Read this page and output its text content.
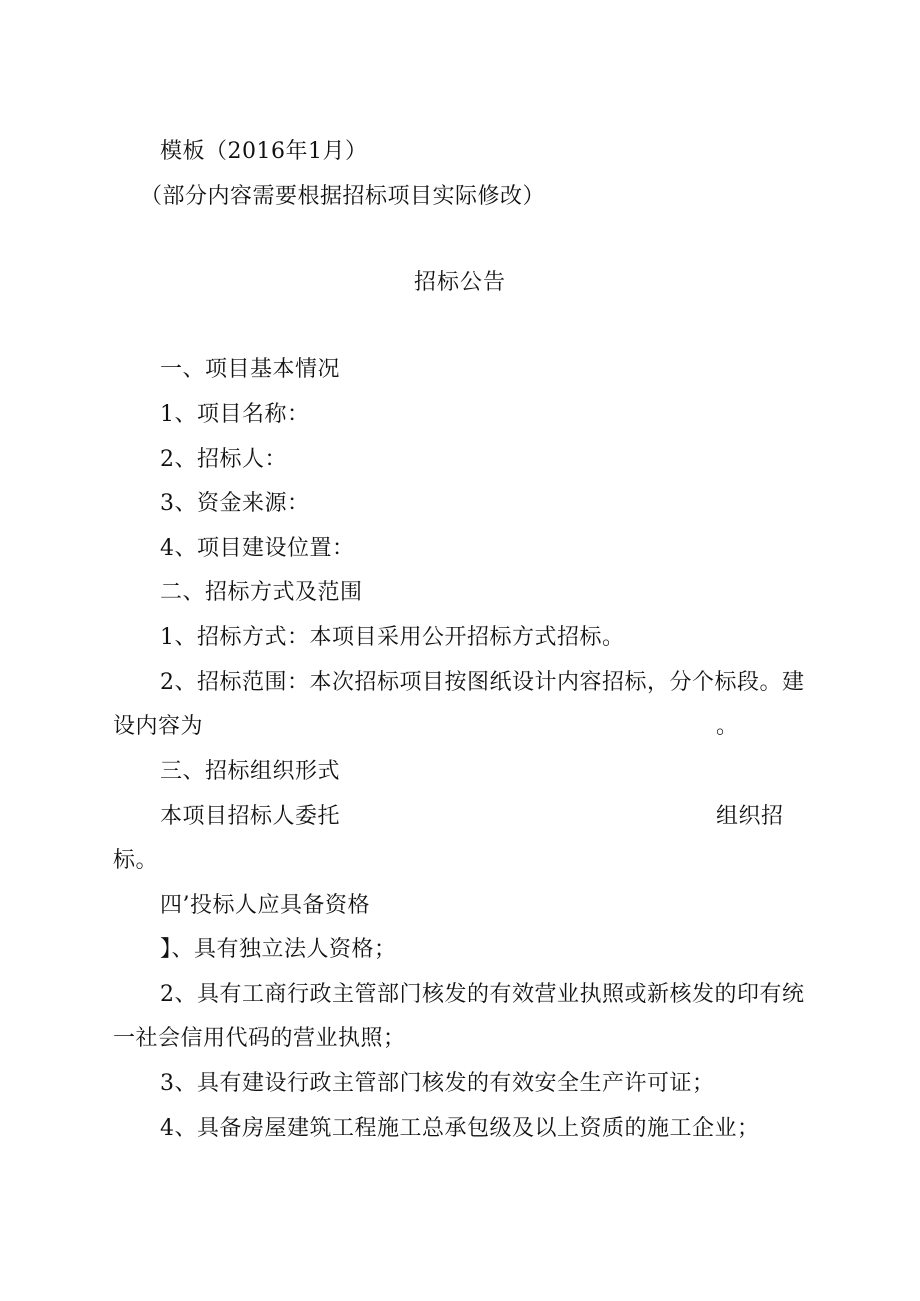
模板（2016年1月）
（部分内容需要根据招标项目实际修改）
招标公告
一、项目基本情况
1、项目名称：
2、招标人：
3、资金来源：
4、项目建设位置：
二、招标方式及范围
1、招标方式：本项目采用公开招标方式招标。
2、招标范围：本次招标项目按图纸设计内容招标，分个标段。建
设内容为	。
三、招标组织形式
本项目招标人委托	组织招
标。
四’投标人应具备资格
】、具有独立法人资格；
2、具有工商行政主管部门核发的有效营业执照或新核发的印有统
一社会信用代码的营业执照；
3、具有建设行政主管部门核发的有效安全生产许可证；
4、具备房屋建筑工程施工总承包级及以上资质的施工企业；
